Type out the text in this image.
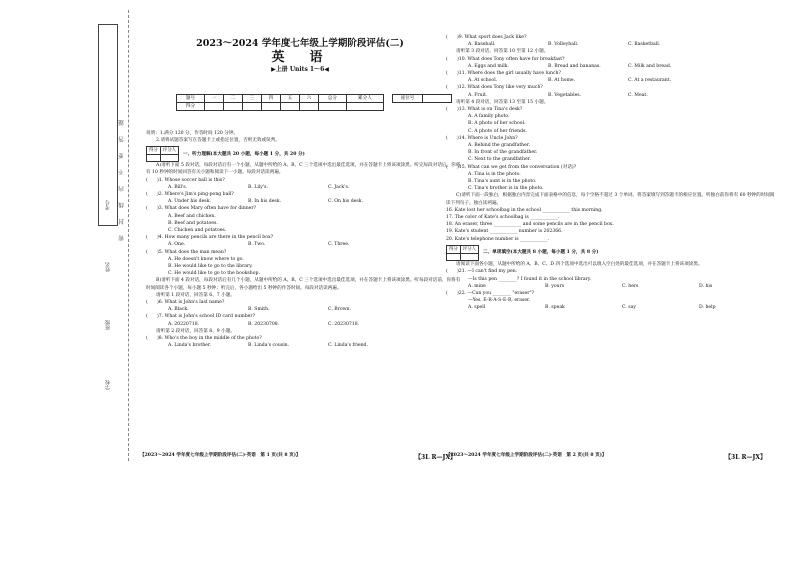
学校
班级
姓名
考号 密　　封　　线　　内　　不　　要　　答　　题
2023～2024 学年度七年级上学期阶段评估(二)
英　语
▶上册 Units 1～6◀
题号	一	二	三	四	五	六	总分	累分人
得分								
座位号	
说明：1.满分 120 分，作答时间 120 分钟。
2.请将试题答案写在答题卡上或指定位置，否则无效或误判。
得分	评分人

一、听力理解(本大题共 20 小题，每小题 1 分，共 20 分)
A)请听下面 5 段对话，每段对话后有一个小题，从题中所给的 A、B、C 三个选项中选出最佳选项，并在答题卡上将该项涂黑。听完每段对话后，你将有 10 秒钟的时间回答有关小题和阅读下一小题。每段对话读两遍。
(　　)1. Whose soccer ball is this?
A. Bill's.	B. Lily's.	C. Jack's.
(　　)2. Where's Jim's ping-pong ball?
A. Under his desk.	B. In his desk.	C. On his desk.
(　　)3. What does Mary often have for dinner?
A. Beef and chicken.
B. Beef and potatoes.
C. Chicken and potatoes.
(　　)4. How many pencils are there in the pencil box?
A. One.	B. Two.	C. Three.
(　　)5. What does the man mean?
A. He doesn't know where to go.
B. He would like to go to the library.
C. He would like to go to the bookshop.
B)请听下面 4 段对话，每段对话后有几个小题，从题中所给的 A、B、C 三个选项中选出最佳选项，并在答题卡上将该项涂黑。听每段对话前，你将有时间阅读各个小题，每小题 5 秒钟；听完后，各小题给出 5 秒钟的作答时间。每段对话读两遍。
请听第 1 段对话，回答第 6、7 小题。
(　　)6. What is John's last name?
A. Black.	B. Smith.	C. Brown.
(　　)7. What is John's school ID card number?
A. 20220718.	B. 20230708.	C. 20230718.
请听第 2 段对话，回答第 8、9 小题。
(　　)8. Who's the boy in the middle of the photo?
A. Linda's brother.	B. Linda's cousin.	C. Linda's friend.
(　　)9. What sport does Jack like?
A. Baseball.	B. Volleyball.	C. Basketball.
请听第 3 段对话，回答第 10 至第 12 小题。
(　　)10. What does Tony often have for breakfast?
A. Eggs and milk.	B. Bread and bananas.	C. Milk and bread.
(　　)11. Where does the girl usually have lunch?
A. At school.	B. At home.	C. At a restaurant.
(　　)12. What does Tony like very much?
A. Fruit.	B. Vegetables.	C. Meat.
请听第 4 段对话，回答第 13 至第 15 小题。
(　　)13. What is on Tina's desk?
A. A family photo.
B. A photo of her school.
C. A photo of her friends.
(　　)14. Where is Uncle John?
A. Behind the grandfather.
B. In front of the grandfather.
C. Next to the grandfather.
(　　)15. What can we get from the conversation (对话)?
A. Tina is in the photo.
B. Tina's aunt is in the photo.
C. Tina's brother is in the photo.
C)请听下面一段独白，根据独白内容完成下面表格中的信息，每个空格不超过 3 个单词。将答案填写到答题卡的相应位置。听独白前你将有 60 秒钟的时间阅读下列句子。独白读两遍。
16. Kate lost her schoolbag in the school ____________ this morning.
17. The color of Kate's schoolbag is ____________.
18. An eraser, three ____________ and some pencils are in the pencil box.
19. Kate's student ____________ number is 202366.
20. Kate's telephone number is ____________.
得分	评分人

二、单项填空(本大题共 8 小题，每小题 1 分，共 8 分)
请阅读下面各小题，从题中所给的 A、B、C、D 四个选项中选出可以填入空白处的最佳选项，并在答题卡上将该项涂黑。
(　　)21. —I can't find my pen.
—Is this pen ________? I found it in the school library.
A. mine	B. yours	C. hers	D. his
(　　)22. —Can you ________ "eraser"?
—Yes. E-R-A-S-E-R, eraser.
A. spell	B. speak	C. say	D. help
【2023～2024 学年度七年级上学期阶段评估(二)·英语　第 1 页(共 8 页)】	【3L R—JX】
【2023～2024 学年度七年级上学期阶段评估(二)·英语　第 2 页(共 8 页)】	【3L R—JX】
